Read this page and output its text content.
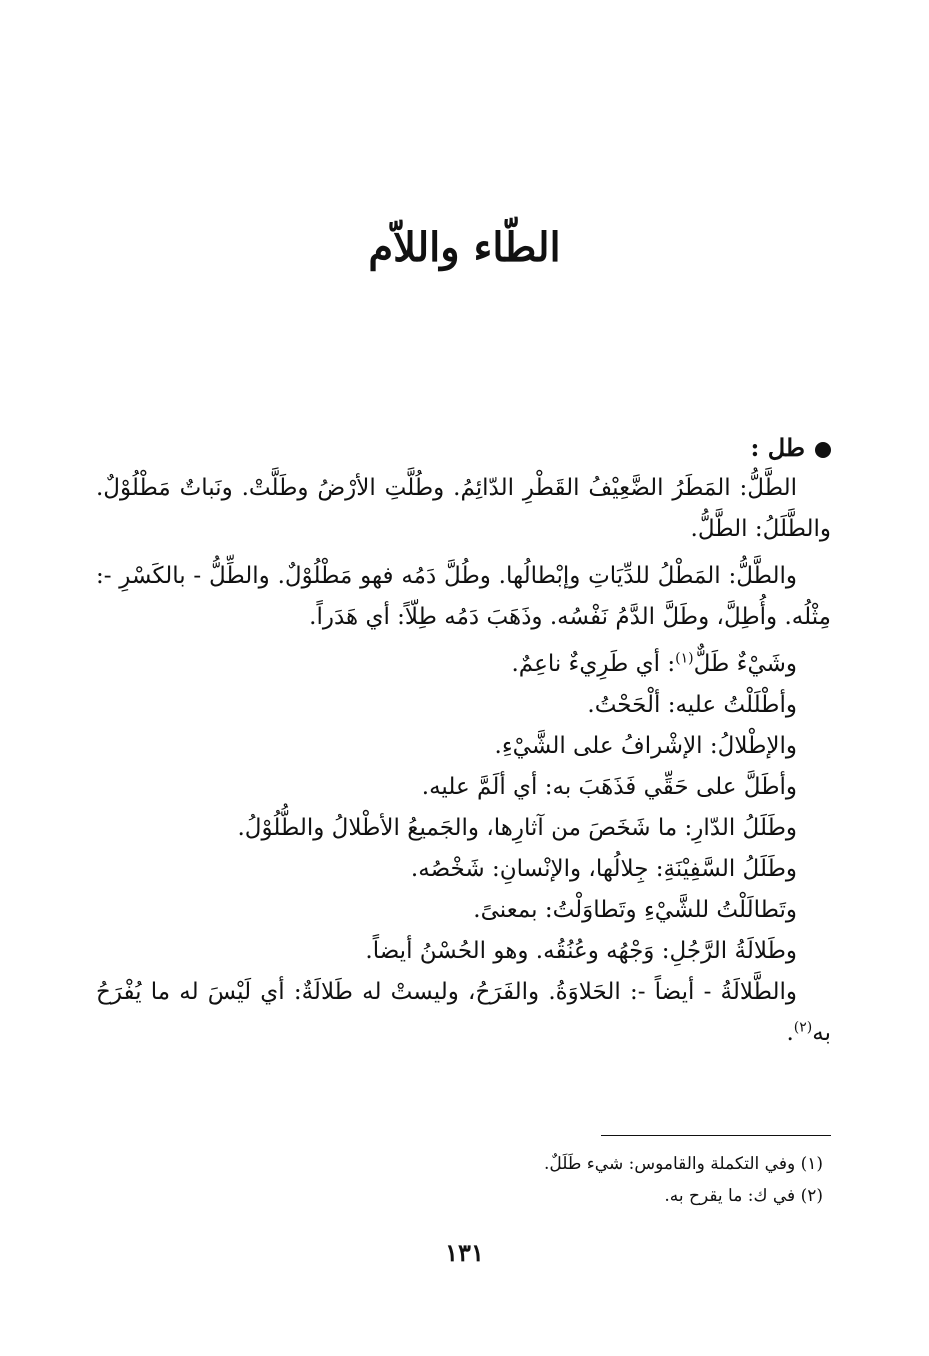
الطّاء واللاّم

طل :

الطَّلُّ: المَطَرُ الضَّعِيْفُ القَطْرِ الدّائِمُ. وطُلَّتِ الأرْضُ وطَلَّتْ. ونَباتٌ مَطْلُوْلٌ. والطَّلَلُ: الطَّلُّ.

والطَّلُّ: المَطْلُ للدِّيَاتِ وإبْطالُها. وطُلَّ دَمُه فهو مَطْلُوْلٌ. والطِّلُّ - بالكَسْرِ -: مِثْلُه. وأُطِلَّ، وطَلَّ الدَّمُ نَفْسُه. وذَهَبَ دَمُه طِلّاً: أي هَدَراً.

وشَيْءٌ طَلٌّ$^{(١)}$: أي طَرِيءٌ ناعِمٌ.

وأطْلَلْتُ عليه: ألْحَحْتُ.

والإطْلالُ: الإشْرافُ على الشَّيْءِ.

وأطَلَّ على حَقِّي فَذَهَبَ به: أي ألَمَّ عليه.

وطَلَلُ الدّارِ: ما شَخَصَ من آثارِها، والجَميعُ الأطْلالُ والطُّلُوْلُ.

وطَلَلُ السَّفِيْنَةِ: جِلالُها، والإنْسانِ: شَخْصُه.

وتَطالَلْتُ للشَّيْءِ وتَطاوَلْتُ: بمعنىً.

وطَلالَةُ الرَّجُلِ: وَجْهُه وعُنُقُه. وهو الحُسْنُ أيضاً.

والطَّلالَةُ - أيضاً -: الحَلاوَةُ. والفَرَحُ، وليستْ له طَلالَةٌ: أي لَيْسَ له ما يُفْرَحُ به$^{(٢)}$.

(١) وفي التكملة والقاموس: شيء طَلَلٌ.

(٢) في ك: ما يقرح به.

١٣١
